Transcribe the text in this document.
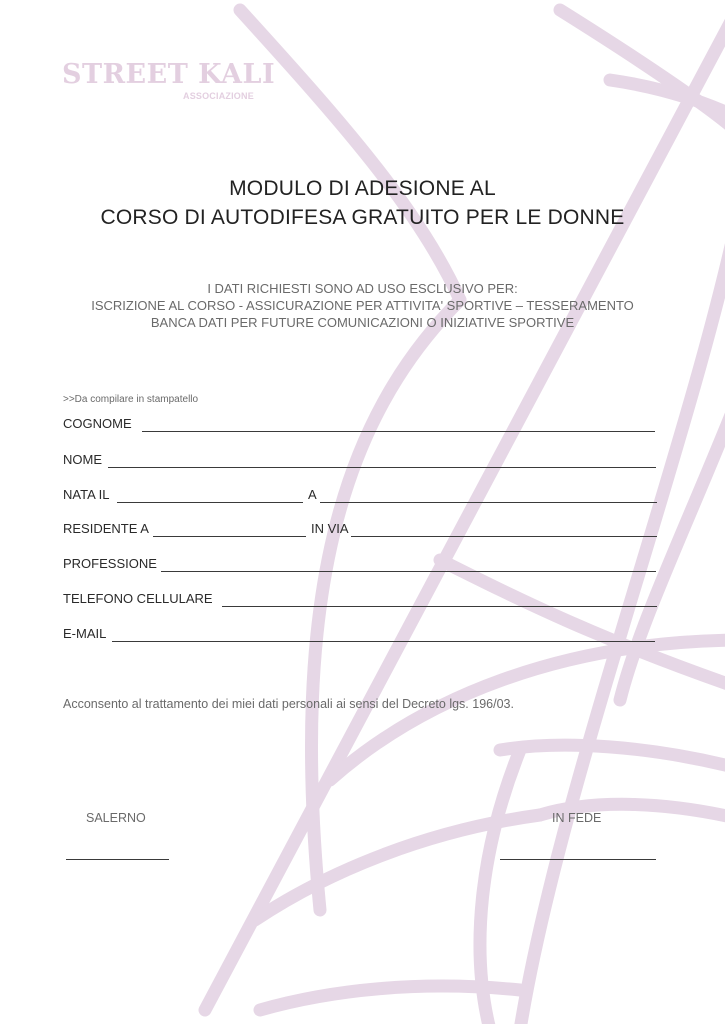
STREET KALI
ASSOCIAZIONE
MODULO DI ADESIONE AL
CORSO DI AUTODIFESA GRATUITO PER LE DONNE
I DATI RICHIESTI SONO AD USO ESCLUSIVO PER:
ISCRIZIONE AL CORSO - ASSICURAZIONE PER ATTIVITA' SPORTIVE – TESSERAMENTO
BANCA DATI PER FUTURE COMUNICAZIONI O INIZIATIVE SPORTIVE
>>Da compilare in stampatello
COGNOME
NOME
NATA IL	A
RESIDENTE A	IN VIA
PROFESSIONE
TELEFONO CELLULARE
E-MAIL
Acconsento al trattamento dei miei dati personali ai sensi del Decreto lgs. 196/03.
SALERNO	IN FEDE
